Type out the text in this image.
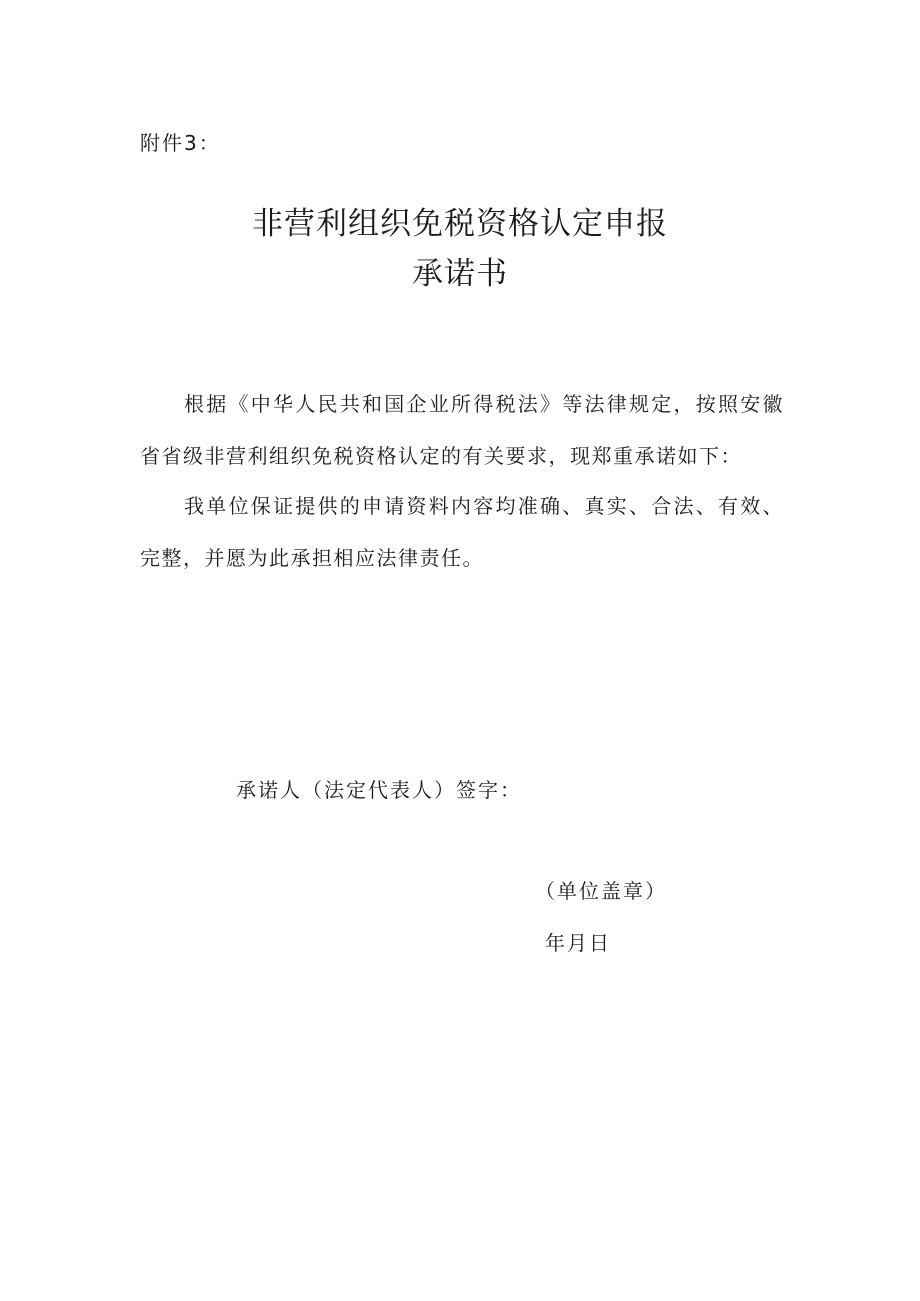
附件3：
非营利组织免税资格认定申报
承诺书
根据《中华人民共和国企业所得税法》等法律规定，按照安徽省省级非营利组织免税资格认定的有关要求，现郑重承诺如下：
我单位保证提供的申请资料内容均准确、真实、合法、有效、完整，并愿为此承担相应法律责任。
承诺人（法定代表人）签字：
（单位盖章）
年月日
